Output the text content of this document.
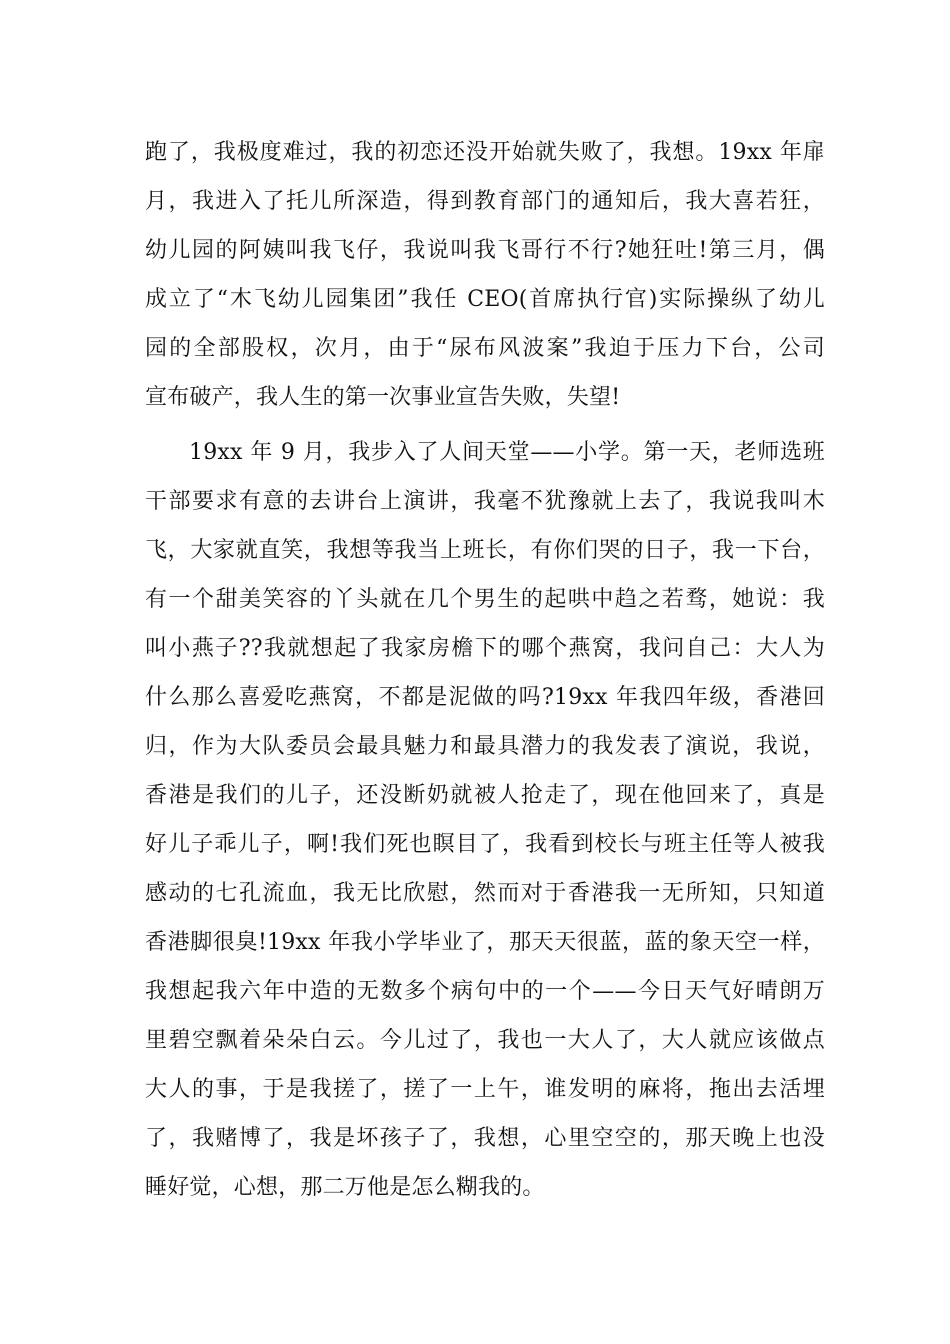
跑了，我极度难过，我的初恋还没开始就失败了，我想。19xx 年扉
月，我进入了托儿所深造，得到教育部门的通知后，我大喜若狂，
幼儿园的阿姨叫我飞仔，我说叫我飞哥行不行?她狂吐!第三月，偶
成立了“木飞幼儿园集团”我任 CEO(首席执行官)实际操纵了幼儿
园的全部股权，次月，由于“尿布风波案”我迫于压力下台，公司
宣布破产，我人生的第一次事业宣告失败，失望!
19xx 年 9 月，我步入了人间天堂——小学。第一天，老师选班
干部要求有意的去讲台上演讲，我毫不犹豫就上去了，我说我叫木
飞，大家就直笑，我想等我当上班长，有你们哭的日子，我一下台，
有一个甜美笑容的丫头就在几个男生的起哄中趋之若骛，她说：我
叫小燕子??我就想起了我家房檐下的哪个燕窝，我问自己：大人为
什么那么喜爱吃燕窝，不都是泥做的吗?19xx 年我四年级，香港回
归，作为大队委员会最具魅力和最具潜力的我发表了演说，我说，
香港是我们的儿子，还没断奶就被人抢走了，现在他回来了，真是
好儿子乖儿子，啊!我们死也瞑目了，我看到校长与班主任等人被我
感动的七孔流血，我无比欣慰，然而对于香港我一无所知，只知道
香港脚很臭!19xx 年我小学毕业了，那天天很蓝，蓝的象天空一样，
我想起我六年中造的无数多个病句中的一个——今日天气好晴朗万
里碧空飘着朵朵白云。今儿过了，我也一大人了，大人就应该做点
大人的事，于是我搓了，搓了一上午，谁发明的麻将，拖出去活埋
了，我赌博了，我是坏孩子了，我想，心里空空的，那天晚上也没
睡好觉，心想，那二万他是怎么糊我的。
